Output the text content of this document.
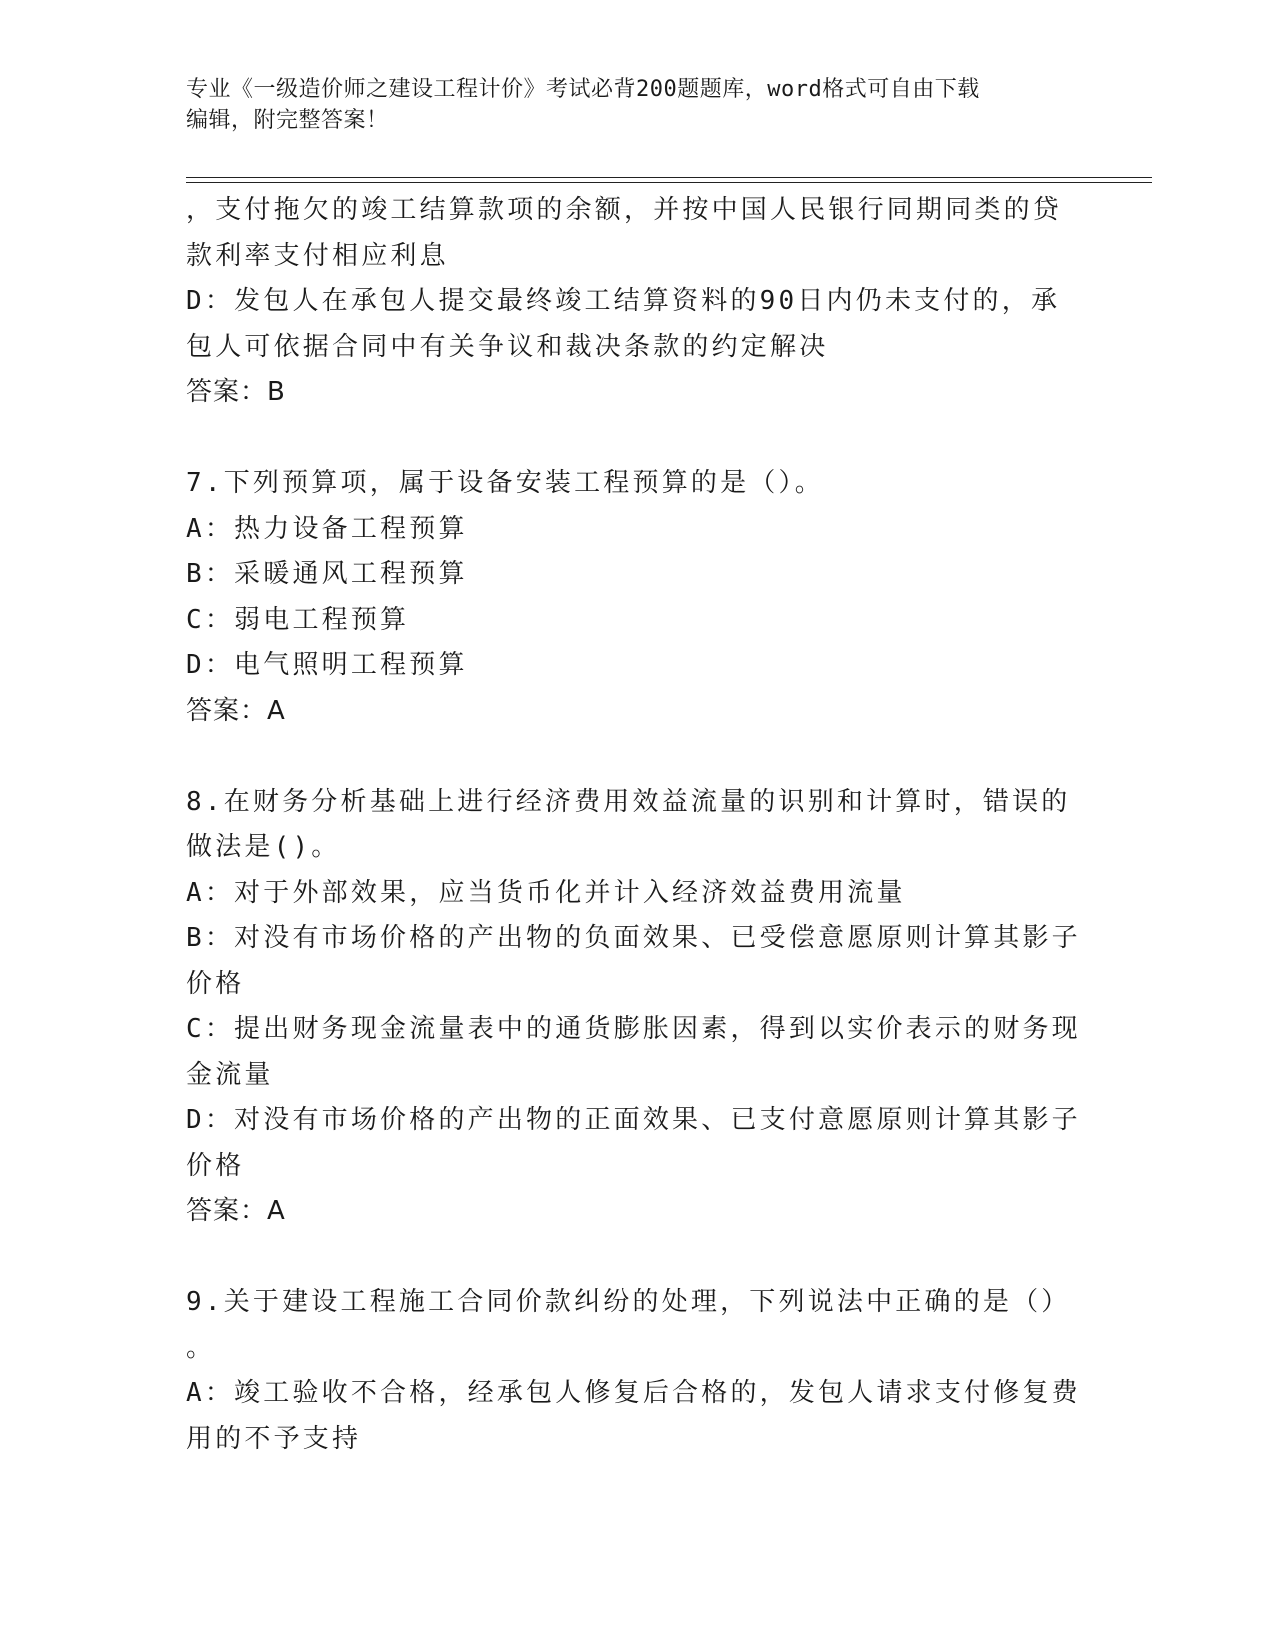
专业《一级造价师之建设工程计价》考试必背200题题库，word格式可自由下载
编辑，附完整答案！
，支付拖欠的竣工结算款项的余额，并按中国人民银行同期同类的贷
款利率支付相应利息
D：发包人在承包人提交最终竣工结算资料的90日内仍未支付的，承
包人可依据合同中有关争议和裁决条款的约定解决
答案：B
7.下列预算项，属于设备安装工程预算的是（）。
A：热力设备工程预算
B：采暖通风工程预算
C：弱电工程预算
D：电气照明工程预算
答案：A
8.在财务分析基础上进行经济费用效益流量的识别和计算时，错误的
做法是()。
A：对于外部效果，应当货币化并计入经济效益费用流量
B：对没有市场价格的产出物的负面效果、已受偿意愿原则计算其影子
价格
C：提出财务现金流量表中的通货膨胀因素，得到以实价表示的财务现
金流量
D：对没有市场价格的产出物的正面效果、已支付意愿原则计算其影子
价格
答案：A
9.关于建设工程施工合同价款纠纷的处理，下列说法中正确的是（）
。
A：竣工验收不合格，经承包人修复后合格的，发包人请求支付修复费
用的不予支持
